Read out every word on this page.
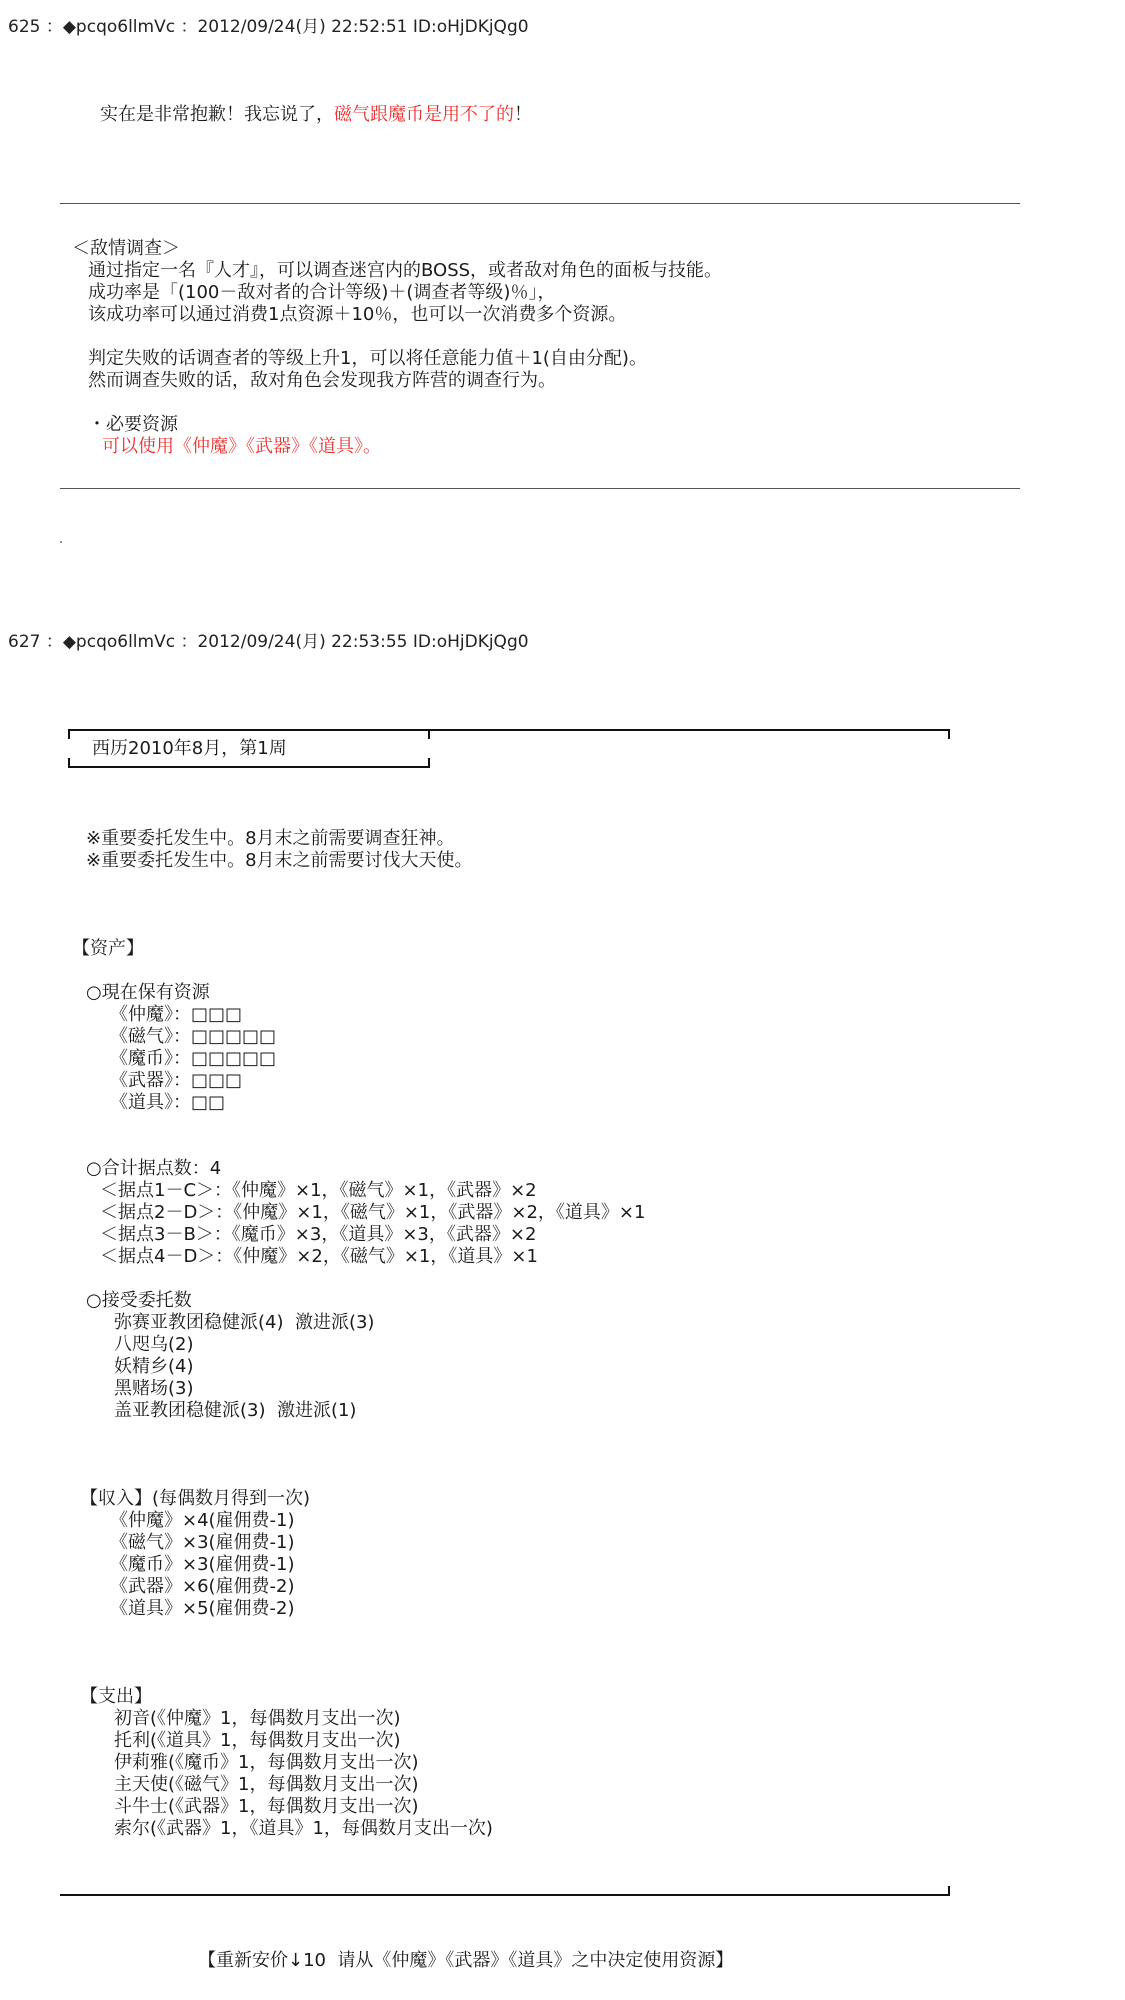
625 ：◆pcqo6llmVc ：2012/09/24(月) 22:52:51 ID:oHjDKjQg0
实在是非常抱歉！我忘说了，磁气跟魔币是用不了的！
＜敌情调查＞
通过指定一名『人才』，可以调查迷宫内的BOSS，或者敌对角色的面板与技能。
成功率是「(100－敌对者的合计等级)＋(调查者等级)％」，
该成功率可以通过消费1点资源＋10％，也可以一次消费多个资源。
判定失败的话调查者的等级上升1，可以将任意能力值＋1(自由分配)。
然而调查失败的话，敌对角色会发现我方阵营的调查行为。
・必要资源
可以使用《仲魔》《武器》《道具》。
627 ：◆pcqo6llmVc ：2012/09/24(月) 22:53:55 ID:oHjDKjQg0
西历2010年8月，第1周
※重要委托发生中。8月末之前需要调查狂神。
※重要委托发生中。8月末之前需要讨伐大天使。
【资产】
○現在保有资源
《仲魔》：□□□
《磁气》：□□□□□
《魔币》：□□□□□
《武器》：□□□
《道具》：□□
○合计据点数：4
＜据点1－C＞：《仲魔》×1，《磁气》×1，《武器》×2
＜据点2－D＞：《仲魔》×1，《磁气》×1，《武器》×2，《道具》×1
＜据点3－B＞：《魔币》×3，《道具》×3，《武器》×2
＜据点4－D＞：《仲魔》×2，《磁气》×1，《道具》×1
○接受委托数
弥赛亚教团稳健派(4)  激进派(3)
八咫乌(2)
妖精乡(4)
黑赌场(3)
盖亚教团稳健派(3)  激进派(1)
【収入】(每偶数月得到一次)
《仲魔》×4(雇佣费-1)
《磁气》×3(雇佣费-1)
《魔币》×3(雇佣费-1)
《武器》×6(雇佣费-2)
《道具》×5(雇佣费-2)
【支出】
初音(《仲魔》1，每偶数月支出一次)
托利(《道具》1，每偶数月支出一次)
伊莉雅(《魔币》1，每偶数月支出一次)
主天使(《磁气》1，每偶数月支出一次)
斗牛士(《武器》1，每偶数月支出一次)
索尔(《武器》1，《道具》1，每偶数月支出一次)
【重新安价↓10  请从《仲魔》《武器》《道具》之中决定使用资源】
